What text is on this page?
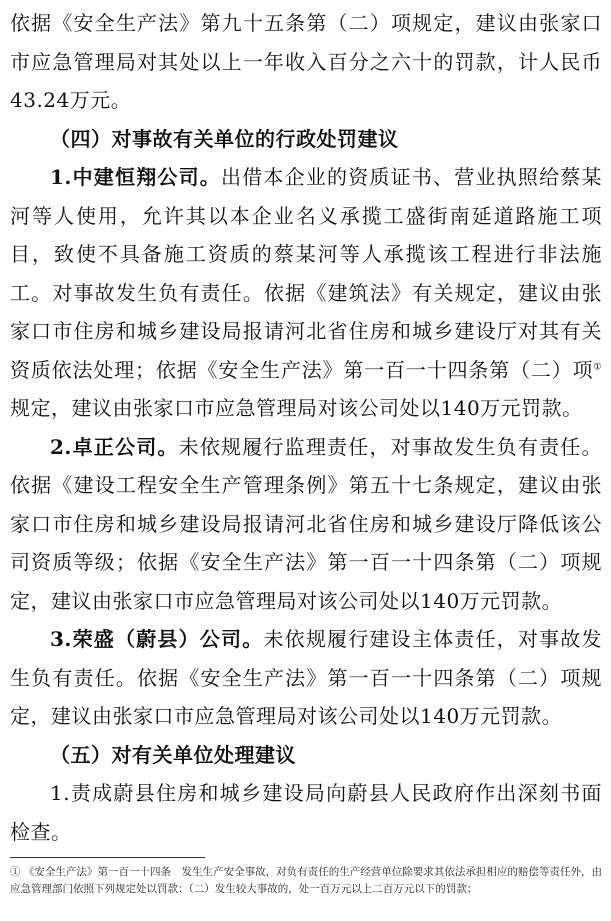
依据《安全生产法》第九十五条第（二）项规定，建议由张家口市应急管理局对其处以上一年收入百分之六十的罚款，计人民币43.24万元。

（四）对事故有关单位的行政处罚建议

1.中建恒翔公司。出借本企业的资质证书、营业执照给蔡某河等人使用，允许其以本企业名义承揽工盛街南延道路施工项目，致使不具备施工资质的蔡某河等人承揽该工程进行非法施工。对事故发生负有责任。依据《建筑法》有关规定，建议由张家口市住房和城乡建设局报请河北省住房和城乡建设厅对其有关资质依法处理；依据《安全生产法》第一百一十四条第（二）项①规定，建议由张家口市应急管理局对该公司处以140万元罚款。

2.卓正公司。未依规履行监理责任，对事故发生负有责任。依据《建设工程安全生产管理条例》第五十七条规定，建议由张家口市住房和城乡建设局报请河北省住房和城乡建设厅降低该公司资质等级；依据《安全生产法》第一百一十四条第（二）项规定，建议由张家口市应急管理局对该公司处以140万元罚款。

3.荣盛（蔚县）公司。未依规履行建设主体责任，对事故发生负有责任。依据《安全生产法》第一百一十四条第（二）项规定，建议由张家口市应急管理局对该公司处以140万元罚款。

（五）对有关单位处理建议

1.责成蔚县住房和城乡建设局向蔚县人民政府作出深刻书面检查。

① 《安全生产法》第一百一十四条　发生生产安全事故，对负有责任的生产经营单位除要求其依法承担相应的赔偿等责任外，由应急管理部门依照下列规定处以罚款：（二）发生较大事故的，处一百万元以上二百万元以下的罚款；
